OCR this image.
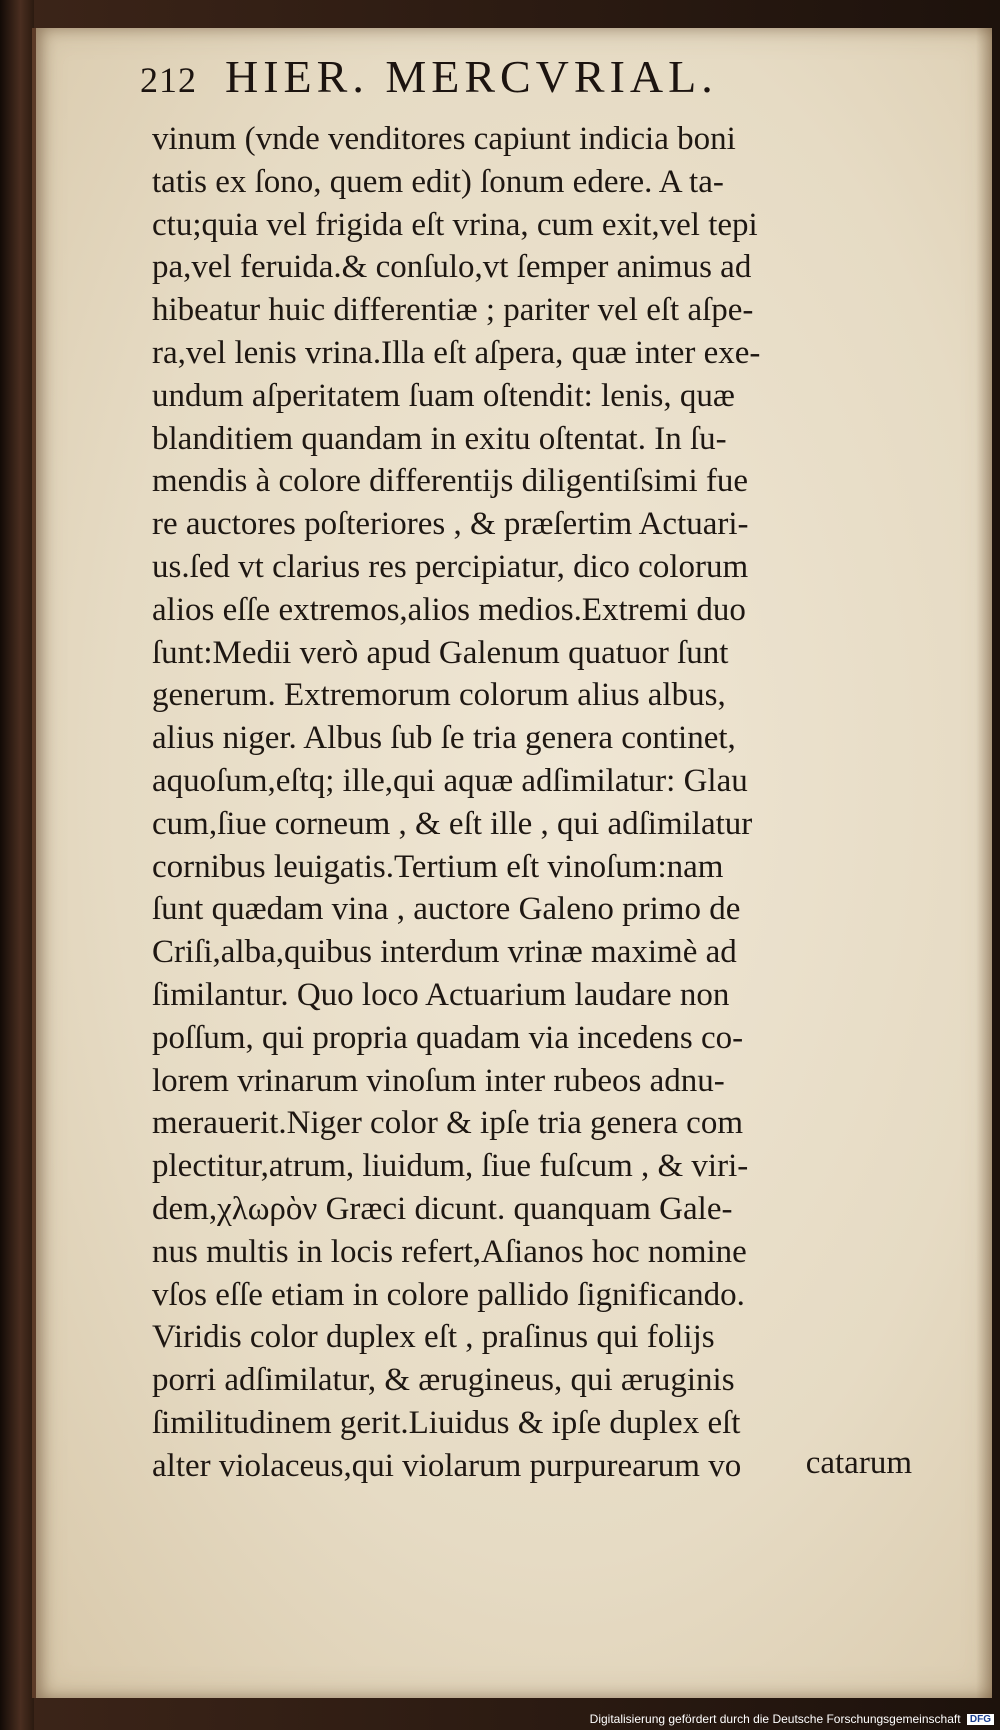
212 HIER. MERCVRIAL.
vinum (vnde venditores capiunt indicia boni
tatis ex ſono, quem edit) ſonum edere. A ta-
ctu;quia vel frigida eſt vrina, cum exit,vel tepi
pa,vel feruida.& conſulo,vt ſemper animus ad
hibeatur huic differentiæ ; pariter vel eſt aſpe-
ra,vel lenis vrina.Illa eſt aſpera, quæ inter exe-
undum aſperitatem ſuam oſtendit: lenis, quæ
blanditiem quandam in exitu oſtentat. In ſu-
mendis à colore differentijs diligentiſsimi fue
re auctores poſteriores , & præſertim Actuari-
us.ſed vt clarius res percipiatur, dico colorum
alios eſſe extremos,alios medios.Extremi duo
ſunt:Medii verò apud Galenum quatuor ſunt
generum. Extremorum colorum alius albus,
alius niger. Albus ſub ſe tria genera continet,
aquoſum,eſtq; ille,qui aquæ adſimilatur: Glau
cum,ſiue corneum , & eſt ille , qui adſimilatur
cornibus leuigatis.Tertium eſt vinoſum:nam
ſunt quædam vina , auctore Galeno primo de
Criſi,alba,quibus interdum vrinæ maximè ad
ſimilantur. Quo loco Actuarium laudare non
poſſum, qui propria quadam via incedens co-
lorem vrinarum vinoſum inter rubeos adnu-
merauerit.Niger color & ipſe tria genera com
plectitur,atrum, liuidum, ſiue fuſcum , & viri-
dem,χλωρὸν Græci dicunt. quanquam Gale-
nus multis in locis refert,Aſianos hoc nomine
vſos eſſe etiam in colore pallido ſignificando.
Viridis color duplex eſt , praſinus qui folijs
porri adſimilatur, & ærugineus, qui æruginis
ſimilitudinem gerit.Liuidus & ipſe duplex eſt
alter violaceus,qui violarum purpurearum vo	catarum
Digitalisierung gefördert durch die Deutsche Forschungsgemeinschaft DFG
